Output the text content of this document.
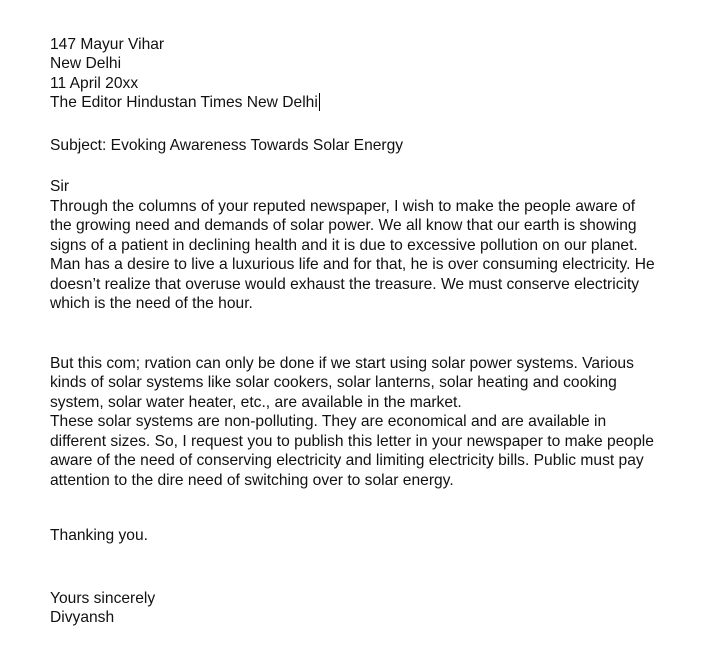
147 Mayur Vihar
New Delhi
11 April 20xx
The Editor Hindustan Times New Delhi
Subject: Evoking Awareness Towards Solar Energy
Sir
Through the columns of your reputed newspaper, I wish to make the people aware of
the growing need and demands of solar power. We all know that our earth is showing
signs of a patient in declining health and it is due to excessive pollution on our planet.
Man has a desire to live a luxurious life and for that, he is over consuming electricity. He
doesn’t realize that overuse would exhaust the treasure. We must conserve electricity
which is the need of the hour.
But this com; rvation can only be done if we start using solar power systems. Various
kinds of solar systems like solar cookers, solar lanterns, solar heating and cooking
system, solar water heater, etc., are available in the market.
These solar systems are non-polluting. They are economical and are available in
different sizes. So, I request you to publish this letter in your newspaper to make people
aware of the need of conserving electricity and limiting electricity bills. Public must pay
attention to the dire need of switching over to solar energy.
Thanking you.
Yours sincerely
Divyansh
